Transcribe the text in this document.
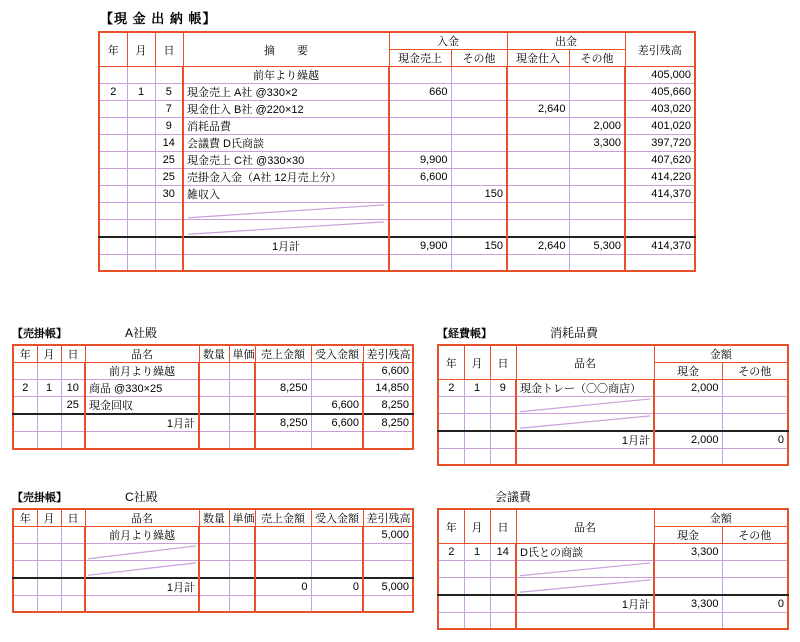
【現 金 出 納 帳】
年	月	日	摘　　要	入金		出金		差引残高
				現金売上	その他	現金仕入	その他	
			前年より繰越					405,000
2	1	5	現金売上 A社 @330×2	660				405,660
		7	現金仕入 B社 @220×12			2,640		403,020
		9	消耗品費				2,000	401,020
		14	会議費 D氏商談				3,300	397,720
		25	現金売上 C社 @330×30	9,900				407,620
		25	売掛金入金（A社 12月売上分）	6,600				414,220
		30	雑収入		150			414,370

			1月計	9,900	150	2,640	5,300	414,370

【売掛帳】	A社殿
年	月	日	品名	数量	単価	売上金額	受入金額	差引残高
			前月より繰越					6,600
2	1	10	商品 @330×25			8,250		14,850
		25	現金回収				6,600	8,250
			1月計			8,250	6,600	8,250

【売掛帳】	C社殿
年	月	日	品名	数量	単価	売上金額	受入金額	差引残高
			前月より繰越					5,000

			1月計			0	0	5,000

【経費帳】	消耗品費
年	月	日	品名	金額	
				現金	その他
2	1	9	現金トレー（〇〇商店）	2,000	

			1月計	2,000	0

会議費
年	月	日	品名	金額	
				現金	その他
2	1	14	D氏との商談	3,300	

			1月計	3,300	0
